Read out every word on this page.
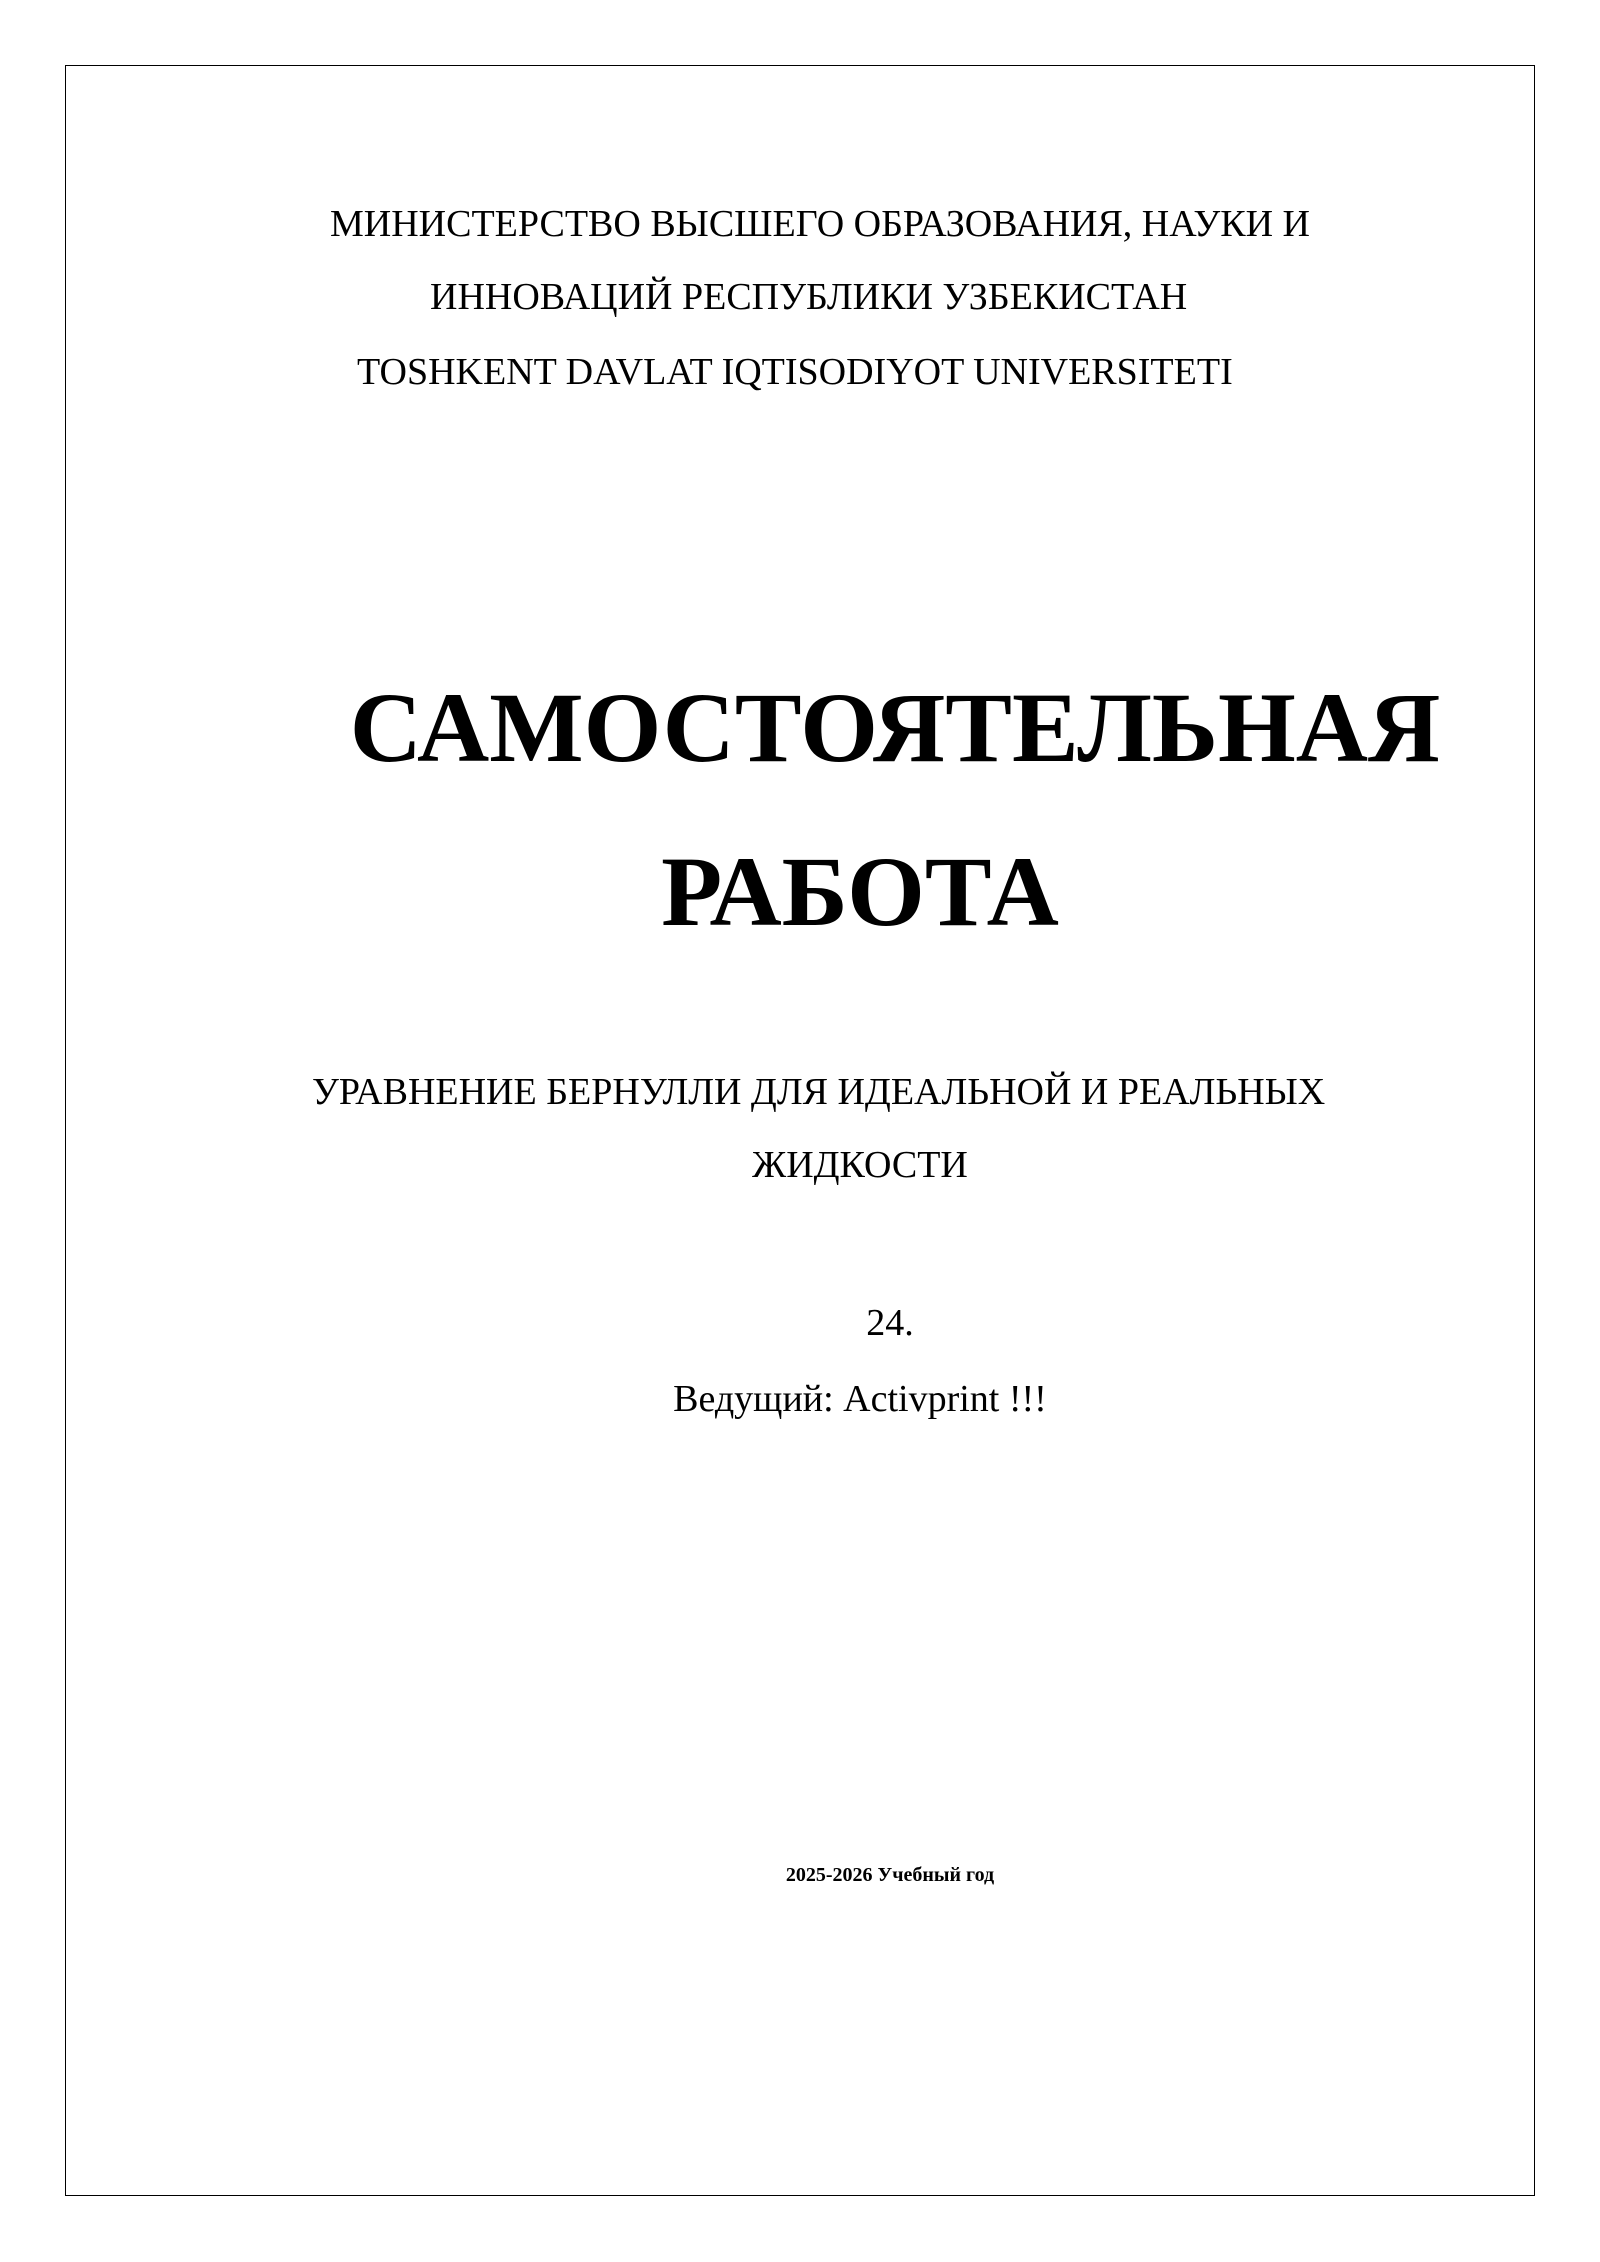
МИНИСТЕРСТВО ВЫСШЕГО ОБРАЗОВАНИЯ, НАУКИ И
ИННОВАЦИЙ РЕСПУБЛИКИ УЗБЕКИСТАН
TOSHKENT DAVLAT IQTISODIYOT UNIVERSITETI
САМОСТОЯТЕЛЬНАЯ
РАБОТА
УРАВНЕНИЕ БЕРНУЛЛИ ДЛЯ ИДЕАЛЬНОЙ И РЕАЛЬНЫХ
ЖИДКОСТИ
24.
Ведущий: Activprint !!!
2025-2026 Учебный год
